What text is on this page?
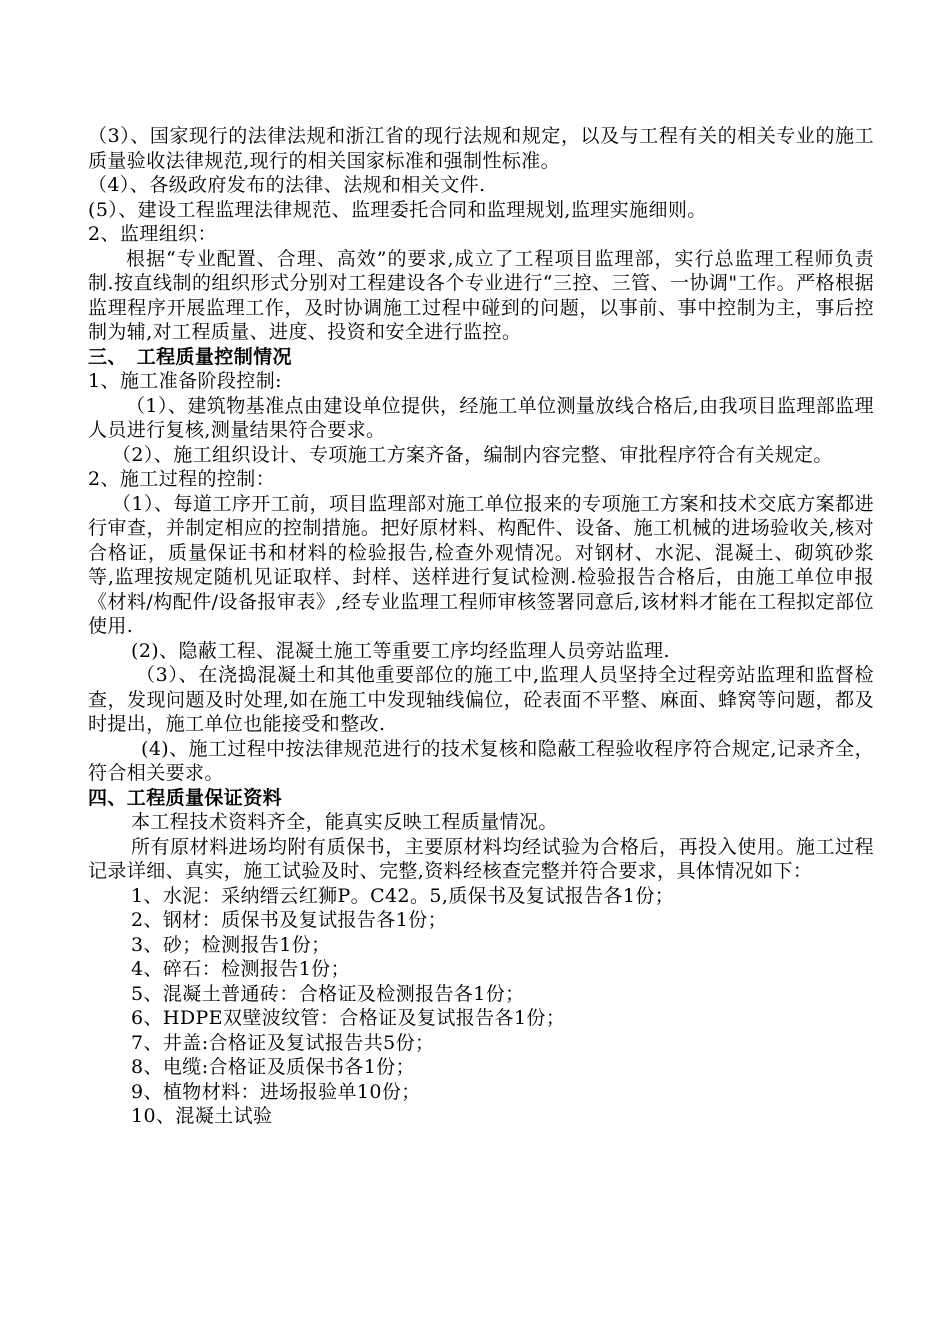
（3）、国家现行的法律法规和浙江省的现行法规和规定，以及与工程有关的相关专业的施工质量验收法律规范,现行的相关国家标准和强制性标准。

（4）、各级政府发布的法律、法规和相关文件.

(5）、建设工程监理法律规范、监理委托合同和监理规划,监理实施细则。

2、监理组织：

根据“专业配置、合理、高效”的要求,成立了工程项目监理部，实行总监理工程师负责制.按直线制的组织形式分别对工程建设各个专业进行“三控、三管、一协调"工作。严格根据监理程序开展监理工作，及时协调施工过程中碰到的问题，以事前、事中控制为主，事后控制为辅,对工程质量、进度、投资和安全进行监控。

三、　工程质量控制情况

1、施工准备阶段控制:

（1）、建筑物基准点由建设单位提供，经施工单位测量放线合格后,由我项目监理部监理人员进行复核,测量结果符合要求。

（2）、施工组织设计、专项施工方案齐备，编制内容完整、审批程序符合有关规定。

2、施工过程的控制：

（1）、每道工序开工前，项目监理部对施工单位报来的专项施工方案和技术交底方案都进行审查，并制定相应的控制措施。把好原材料、构配件、设备、施工机械的进场验收关,核对合格证，质量保证书和材料的检验报告,检查外观情况。对钢材、水泥、混凝土、砌筑砂浆等,监理按规定随机见证取样、封样、送样进行复试检测.检验报告合格后，由施工单位申报《材料/构配件/设备报审表》,经专业监理工程师审核签署同意后,该材料才能在工程拟定部位使用.

(2)、隐蔽工程、混凝土施工等重要工序均经监理人员旁站监理.

（3）、在浇捣混凝土和其他重要部位的施工中,监理人员坚持全过程旁站监理和监督检查，发现问题及时处理,如在施工中发现轴线偏位，砼表面不平整、麻面、蜂窝等问题，都及时提出，施工单位也能接受和整改.

(4)、施工过程中按法律规范进行的技术复核和隐蔽工程验收程序符合规定,记录齐全，符合相关要求。

四、工程质量保证资料

本工程技术资料齐全，能真实反映工程质量情况。

所有原材料进场均附有质保书，主要原材料均经试验为合格后，再投入使用。施工过程记录详细、真实，施工试验及时、完整,资料经核查完整并符合要求，具体情况如下：

1、水泥：采纳缙云红狮P。C42。5,质保书及复试报告各1份；

2、钢材：质保书及复试报告各1份；

3、砂；检测报告1份；

4、碎石：检测报告1份；

5、混凝土普通砖：合格证及检测报告各1份；

6、HDPE双壁波纹管：合格证及复试报告各1份；

7、井盖:合格证及复试报告共5份；

8、电缆:合格证及质保书各1份；

9、植物材料：进场报验单10份；

10、混凝土试验
